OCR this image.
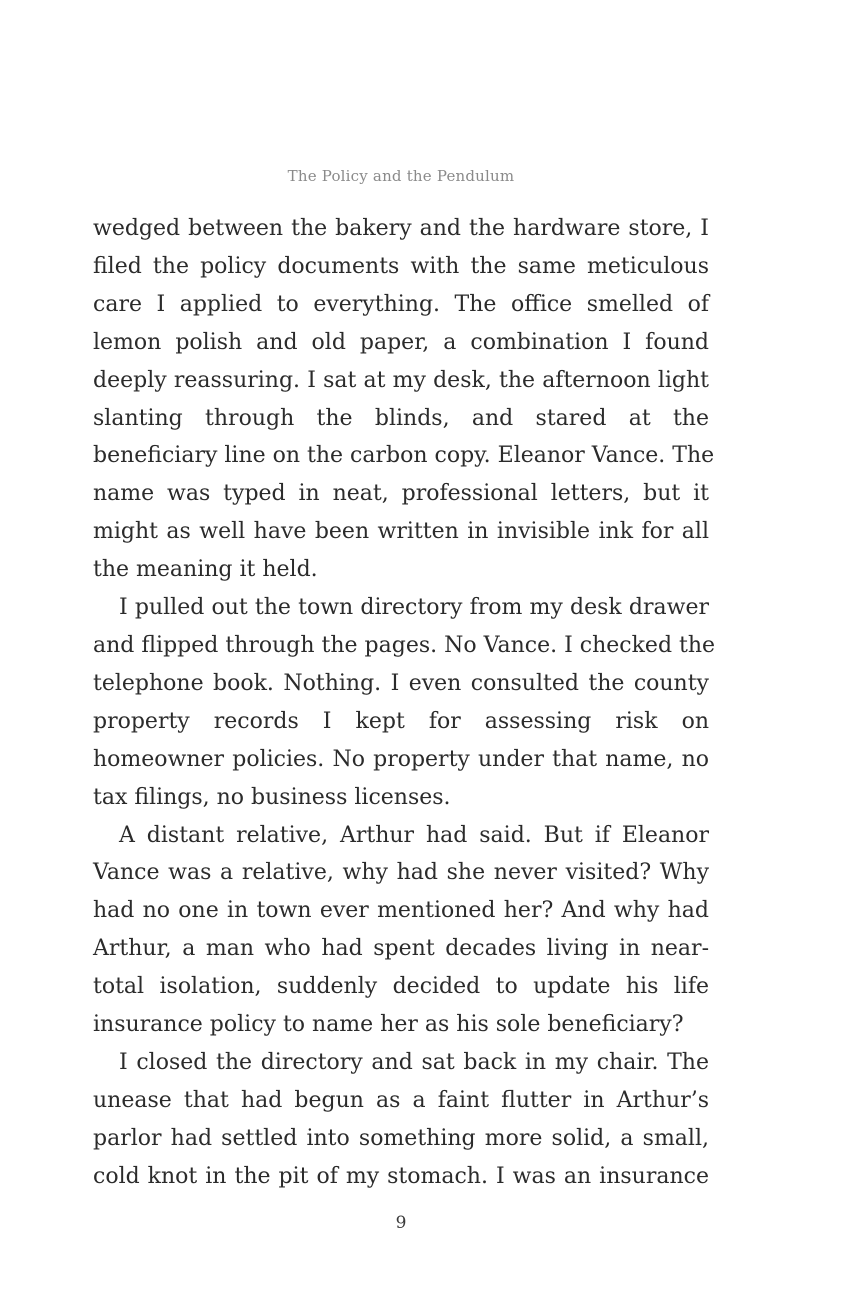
The Policy and the Pendulum

wedged between the bakery and the hardware store, I
filed the policy documents with the same meticulous
care I applied to everything. The office smelled of
lemon polish and old paper, a combination I found
deeply reassuring. I sat at my desk, the afternoon light
slanting through the blinds, and stared at the
beneficiary line on the carbon copy. Eleanor Vance. The
name was typed in neat, professional letters, but it
might as well have been written in invisible ink for all
the meaning it held.

I pulled out the town directory from my desk drawer
and flipped through the pages. No Vance. I checked the
telephone book. Nothing. I even consulted the county
property records I kept for assessing risk on
homeowner policies. No property under that name, no
tax filings, no business licenses.

A distant relative, Arthur had said. But if Eleanor
Vance was a relative, why had she never visited? Why
had no one in town ever mentioned her? And why had
Arthur, a man who had spent decades living in near-
total isolation, suddenly decided to update his life
insurance policy to name her as his sole beneficiary?

I closed the directory and sat back in my chair. The
unease that had begun as a faint flutter in Arthur’s
parlor had settled into something more solid, a small,
cold knot in the pit of my stomach. I was an insurance

9
